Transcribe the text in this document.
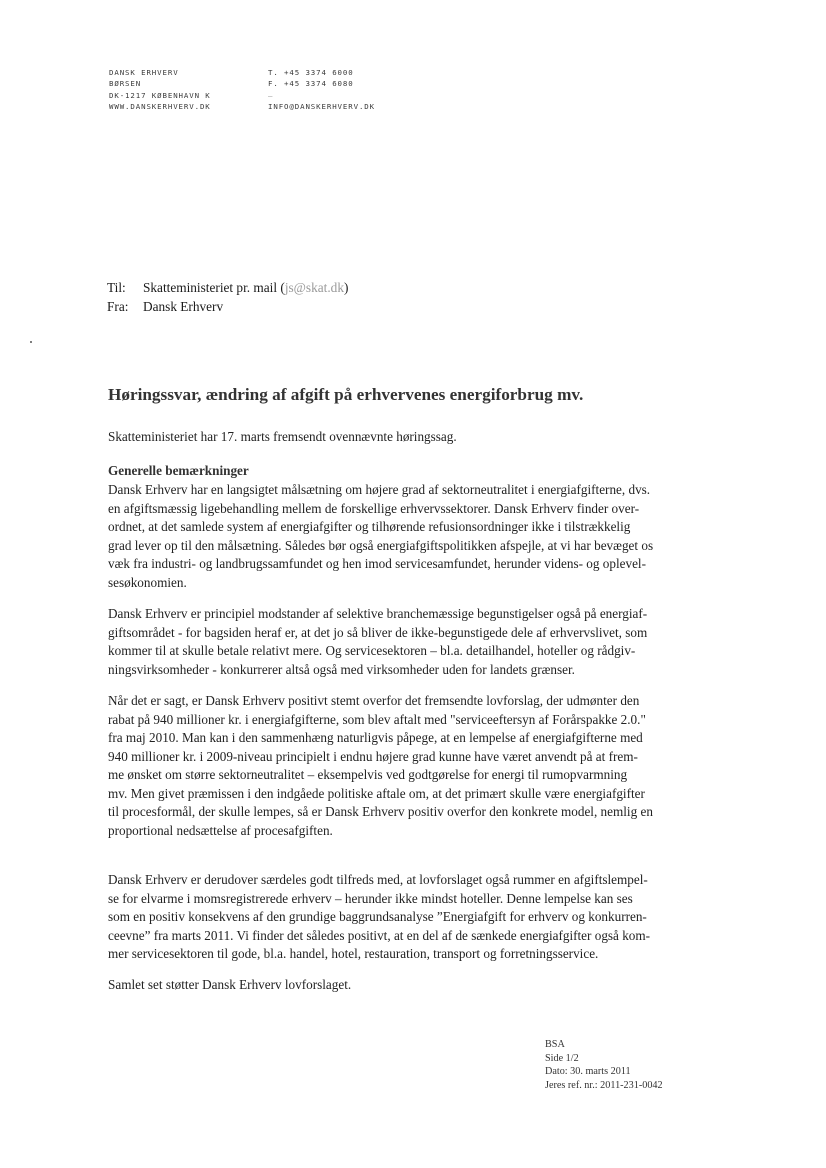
DANSK ERHVERV
BØRSEN
DK-1217 KØBENHAVN K
WWW.DANSKERHVERV.DK
T. +45 3374 6000
F. +45 3374 6080
–
INFO@DANSKERHVERV.DK
Til:	Skatteministeriet pr. mail (js@skat.dk)
Fra:	Dansk Erhverv
Høringssvar, ændring af afgift på erhvervenes energiforbrug mv.
Skatteministeriet har 17. marts fremsendt ovennævnte høringssag.
Generelle bemærkninger
Dansk Erhverv har en langsigtet målsætning om højere grad af sektorneutralitet i energiafgifterne, dvs.
en afgiftsmæssig ligebehandling mellem de forskellige erhvervssektorer. Dansk Erhverv finder over-
ordnet, at det samlede system af energiafgifter og tilhørende refusionsordninger ikke i tilstrækkelig
grad lever op til den målsætning. Således bør også energiafgiftspolitikken afspejle, at vi har bevæget os
væk fra industri- og landbrugssamfundet og hen imod servicesamfundet, herunder videns- og oplevel-
sesøkonomien.
Dansk Erhverv er principiel modstander af selektive branchemæssige begunstigelser også på energiaf-
giftsområdet - for bagsiden heraf er, at det jo så bliver de ikke-begunstigede dele af erhvervslivet, som
kommer til at skulle betale relativt mere. Og servicesektoren – bl.a. detailhandel, hoteller og rådgiv-
ningsvirksomheder - konkurrerer altså også med virksomheder uden for landets grænser.
Når det er sagt, er Dansk Erhverv positivt stemt overfor det fremsendte lovforslag, der udmønter den
rabat på 940 millioner kr. i energiafgifterne, som blev aftalt med "serviceeftersyn af Forårspakke 2.0."
fra maj 2010. Man kan i den sammenhæng naturligvis påpege, at en lempelse af energiafgifterne med
940 millioner kr. i 2009-niveau principielt i endnu højere grad kunne have været anvendt på at frem-
me ønsket om større sektorneutralitet – eksempelvis ved godtgørelse for energi til rumopvarmning
mv. Men givet præmissen i den indgåede politiske aftale om, at det primært skulle være energiafgifter
til procesformål, der skulle lempes, så er Dansk Erhverv positiv overfor den konkrete model, nemlig en
proportional nedsættelse af procesafgiften.
Dansk Erhverv er derudover særdeles godt tilfreds med, at lovforslaget også rummer en afgiftslempel-
se for elvarme i momsregistrerede erhverv – herunder ikke mindst hoteller. Denne lempelse kan ses
som en positiv konsekvens af den grundige baggrundsanalyse ”Energiafgift for erhverv og konkurren-
ceevne” fra marts 2011. Vi finder det således positivt, at en del af de sænkede energiafgifter også kom-
mer servicesektoren til gode, bl.a. handel, hotel, restauration, transport og forretningsservice.
Samlet set støtter Dansk Erhverv lovforslaget.
BSA
Side 1/2
Dato: 30. marts 2011
Jeres ref. nr.: 2011-231-0042
